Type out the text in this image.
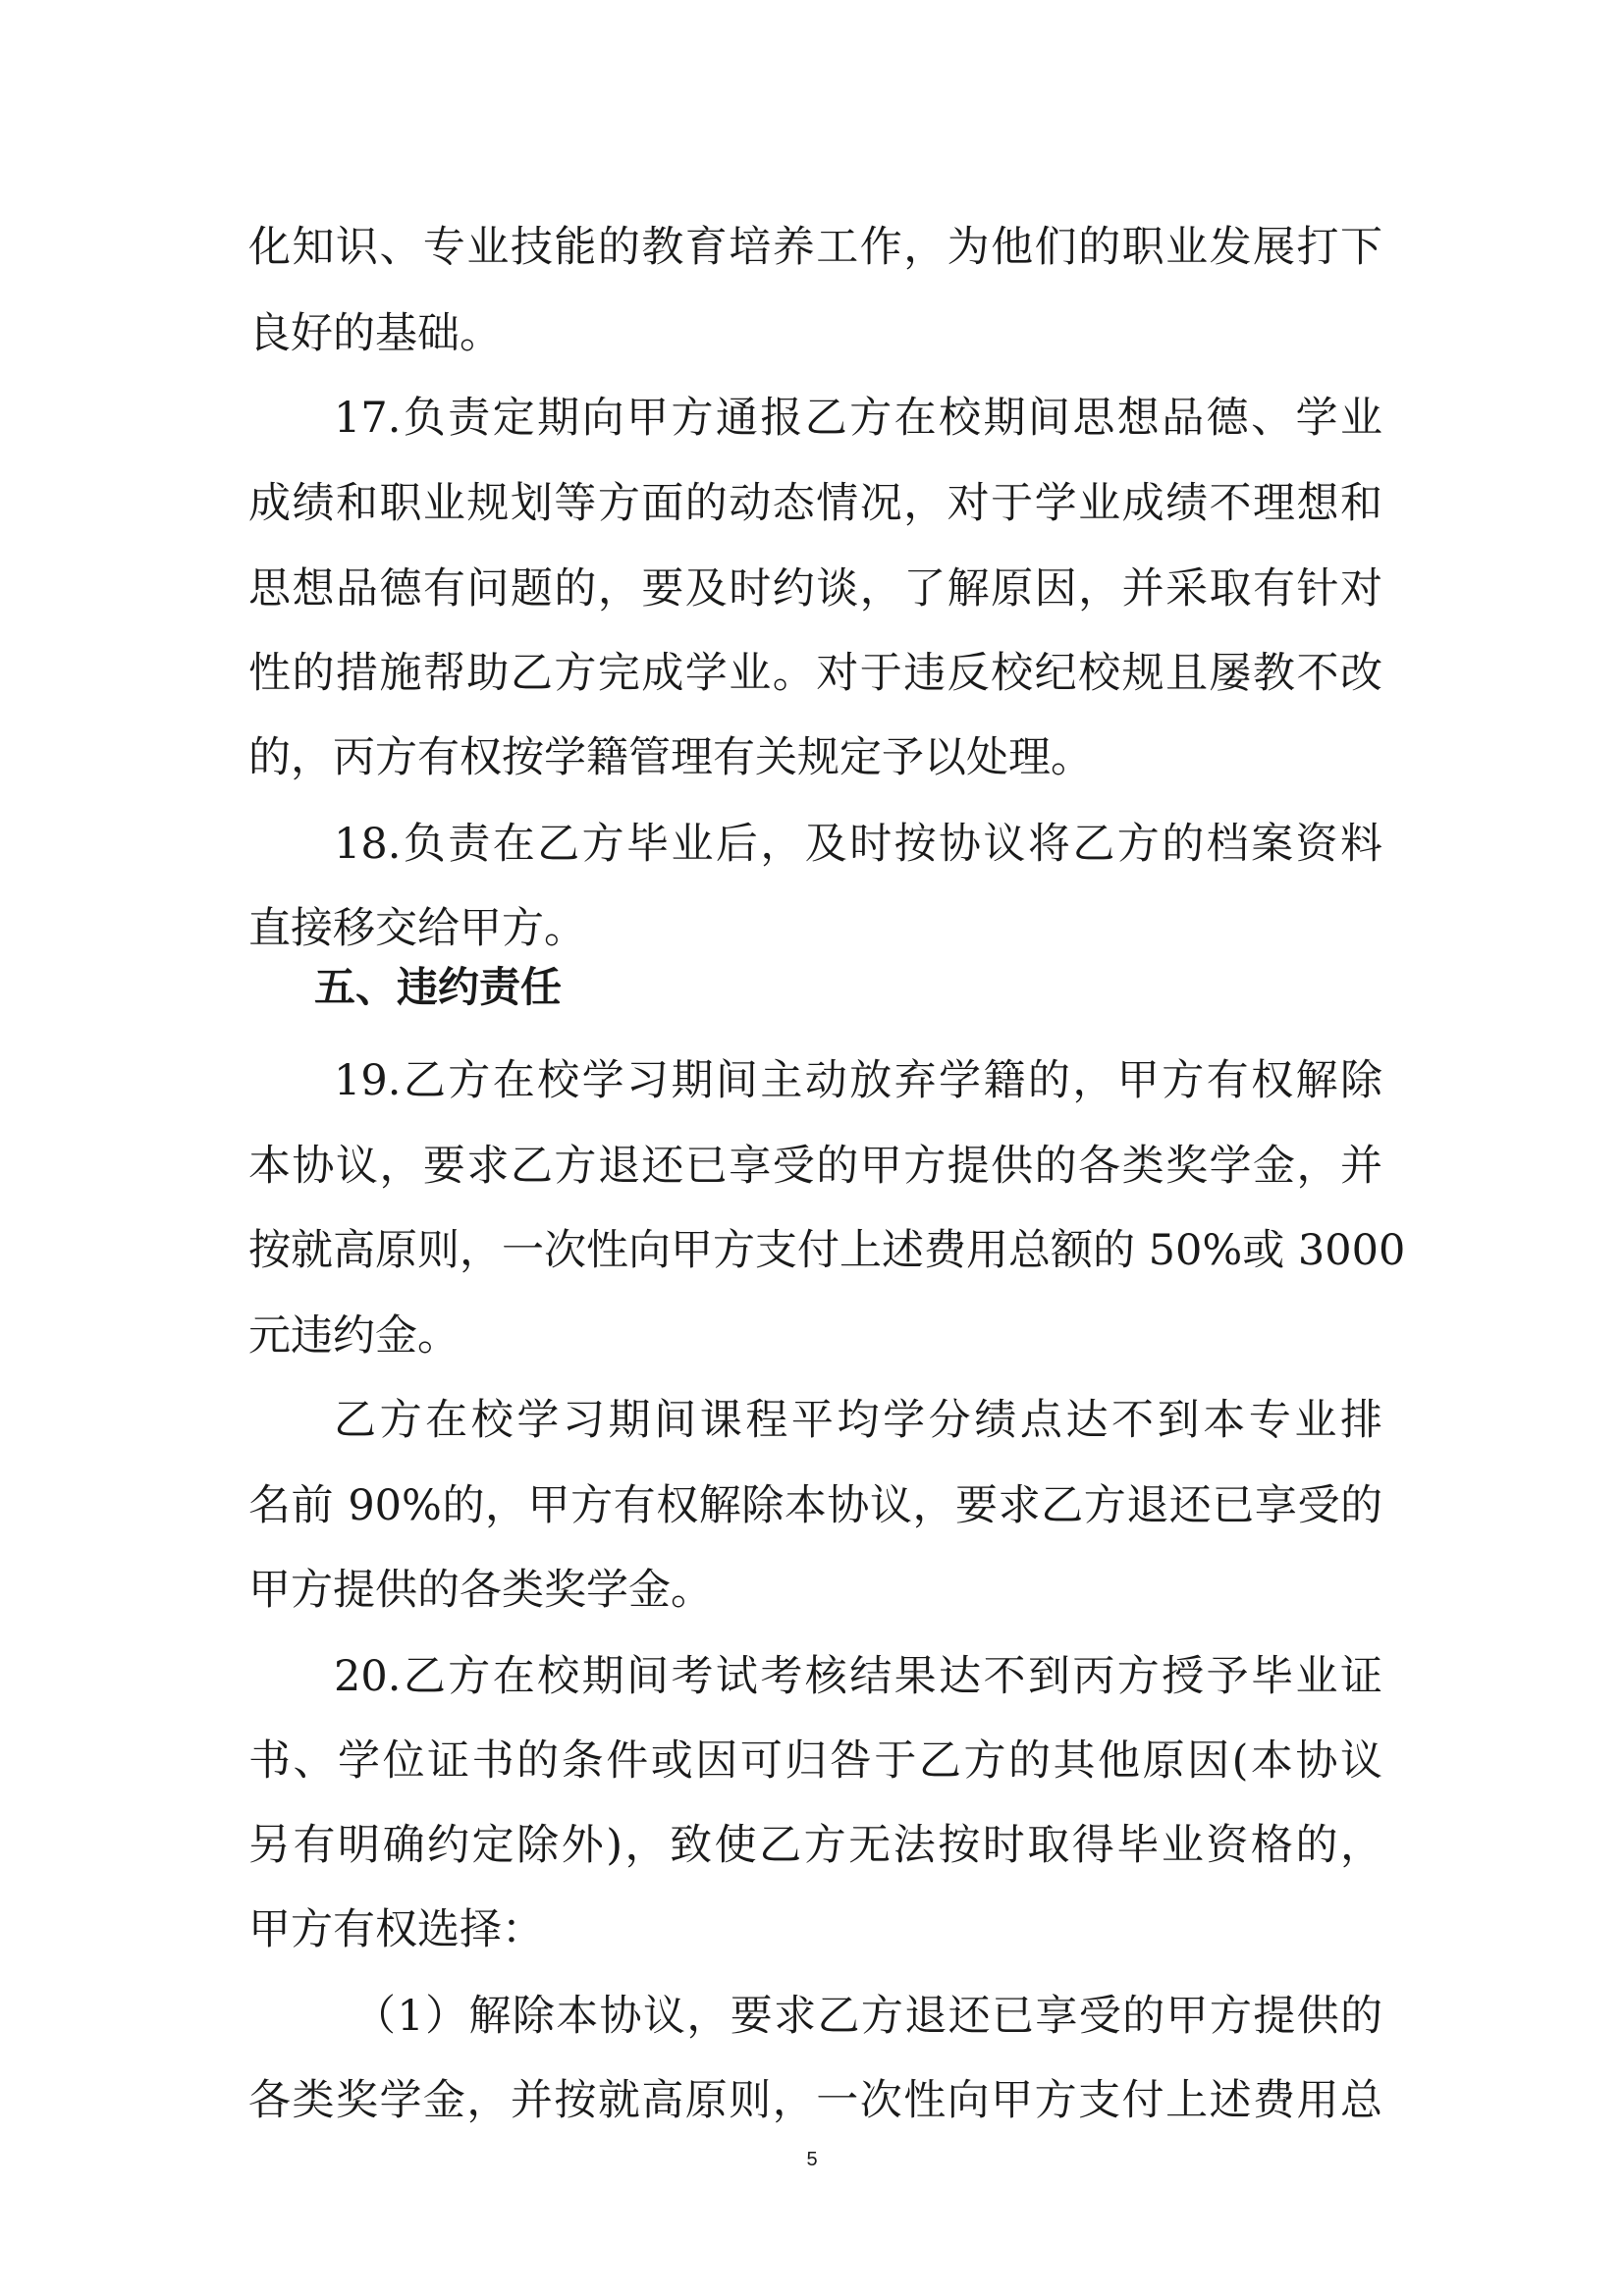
化知识、专业技能的教育培养工作，为他们的职业发展打下

良好的基础。

17.负责定期向甲方通报乙方在校期间思想品德、学业

成绩和职业规划等方面的动态情况，对于学业成绩不理想和

思想品德有问题的，要及时约谈，了解原因，并采取有针对

性的措施帮助乙方完成学业。对于违反校纪校规且屡教不改

的，丙方有权按学籍管理有关规定予以处理。

18.负责在乙方毕业后，及时按协议将乙方的档案资料

直接移交给甲方。

五、违约责任

19.乙方在校学习期间主动放弃学籍的，甲方有权解除

本协议，要求乙方退还已享受的甲方提供的各类奖学金，并

按就高原则，一次性向甲方支付上述费用总额的 50%或 3000

元违约金。

乙方在校学习期间课程平均学分绩点达不到本专业排

名前 90%的，甲方有权解除本协议，要求乙方退还已享受的

甲方提供的各类奖学金。

20.乙方在校期间考试考核结果达不到丙方授予毕业证

书、学位证书的条件或因可归咎于乙方的其他原因(本协议

另有明确约定除外)，致使乙方无法按时取得毕业资格的，

甲方有权选择：

（1）解除本协议，要求乙方退还已享受的甲方提供的

各类奖学金，并按就高原则，一次性向甲方支付上述费用总

5
